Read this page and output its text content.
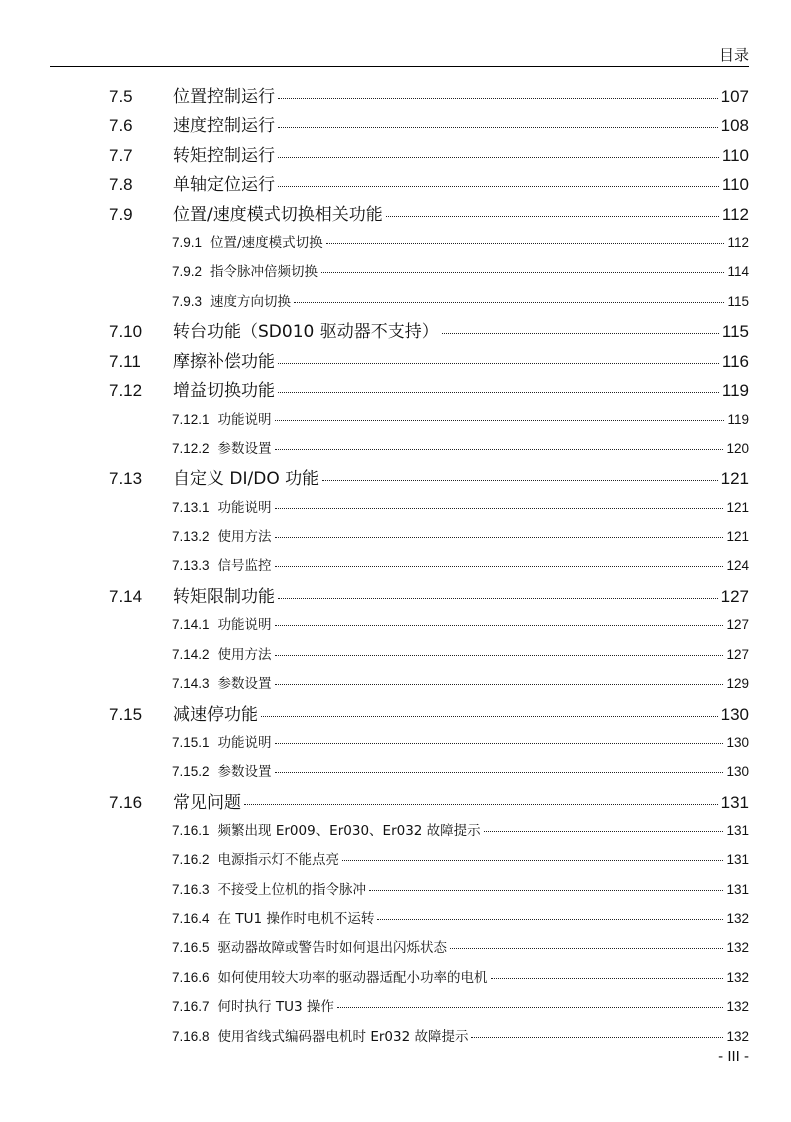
目录
7.5	位置控制运行	107
7.6	速度控制运行	108
7.7	转矩控制运行	110
7.8	单轴定位运行	110
7.9	位置/速度模式切换相关功能	112
7.9.1 位置/速度模式切换	112
7.9.2 指令脉冲倍频切换	114
7.9.3 速度方向切换	115
7.10	转台功能（SD010 驱动器不支持）	115
7.11	摩擦补偿功能	116
7.12	增益切换功能	119
7.12.1 功能说明	119
7.12.2 参数设置	120
7.13	自定义 DI/DO 功能	121
7.13.1 功能说明	121
7.13.2 使用方法	121
7.13.3 信号监控	124
7.14	转矩限制功能	127
7.14.1 功能说明	127
7.14.2 使用方法	127
7.14.3 参数设置	129
7.15	减速停功能	130
7.15.1 功能说明	130
7.15.2 参数设置	130
7.16	常见问题	131
7.16.1 频繁出现 Er009、Er030、Er032 故障提示	131
7.16.2 电源指示灯不能点亮	131
7.16.3 不接受上位机的指令脉冲	131
7.16.4 在 TU1 操作时电机不运转	132
7.16.5 驱动器故障或警告时如何退出闪烁状态	132
7.16.6 如何使用较大功率的驱动器适配小功率的电机	132
7.16.7 何时执行 TU3 操作	132
7.16.8 使用省线式编码器电机时 Er032 故障提示	132
- III -
